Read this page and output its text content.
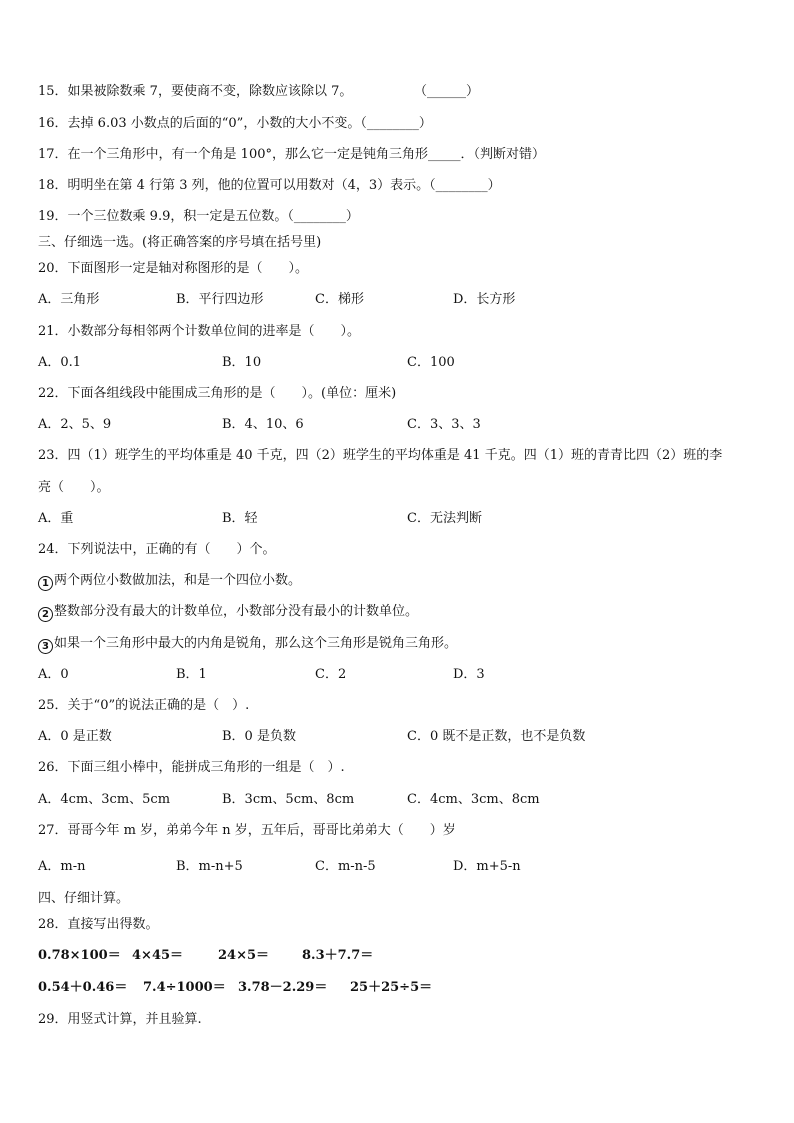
15．如果被除数乘 7，要使商不变，除数应该除以 7。	（______）
16．去掉 6.03 小数点的后面的“0”，小数的大小不变。（________）
17．在一个三角形中，有一个角是 100°，那么它一定是钝角三角形_____．（判断对错）
18．明明坐在第 4 行第 3 列，他的位置可以用数对（4，3）表示。（________）
19．一个三位数乘 9.9，积一定是五位数。（________）
三、仔细选一选。(将正确答案的序号填在括号里)
20．下面图形一定是轴对称图形的是（　　）。
A．三角形	B．平行四边形	C．梯形	D．长方形
21．小数部分每相邻两个计数单位间的进率是（　　）。
A．0.1	B．10	C．100
22．下面各组线段中能围成三角形的是（　　）。(单位：厘米)
A．2、5、9	B．4、10、6	C．3、3、3
23．四（1）班学生的平均体重是 40 千克，四（2）班学生的平均体重是 41 千克。四（1）班的青青比四（2）班的李
亮（　　）。
A．重	B．轻	C．无法判断
24．下列说法中，正确的有（　　）个。
1 两个两位小数做加法，和是一个四位小数。
2 整数部分没有最大的计数单位，小数部分没有最小的计数单位。
3 如果一个三角形中最大的内角是锐角，那么这个三角形是锐角三角形。
A．0	B．1	C．2	D．3
25．关于“0”的说法正确的是（　）.
A．0 是正数	B．0 是负数	C．0 既不是正数，也不是负数
26．下面三组小棒中，能拼成三角形的一组是（　）.
A．4cm、3cm、5cm	B．3cm、5cm、8cm	C．4cm、3cm、8cm
27．哥哥今年 m 岁，弟弟今年 n 岁，五年后，哥哥比弟弟大（　　）岁
A．m-n	B．m-n+5	C．m-n-5	D．m+5-n
四、仔细计算。
28．直接写出得数。
0.78×100＝ 4×45＝	24×5＝	8.3＋7.7＝
0.54＋0.46＝ 7.4÷1000＝ 3.78－2.29＝ 25＋25÷5＝
29．用竖式计算，并且验算.
